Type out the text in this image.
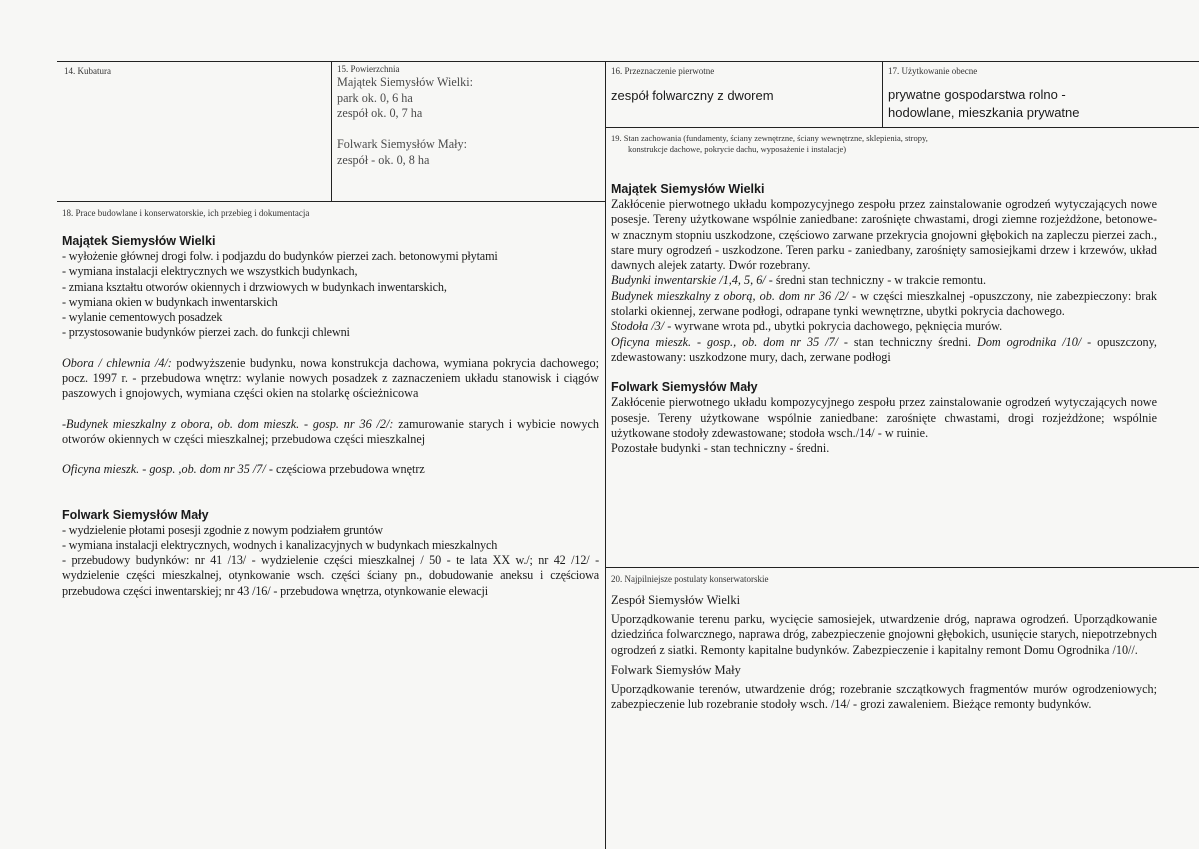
14. Kubatura	15. Powierzchnia
Majątek Siemysłów Wielki:
park ok. 0, 6 ha
zespół ok. 0, 7 ha
Folwark Siemysłów Mały:
zespół - ok. 0, 8 ha
16. Przeznaczenie pierwotne
zespół folwarczny z dworem
17. Użytkowanie obecne
prywatne gospodarstwa rolno -
hodowlane, mieszkania prywatne
18. Prace budowlane i konserwatorskie, ich przebieg i dokumentacja
Majątek Siemysłów Wielki
- wyłożenie głównej drogi folw. i podjazdu do budynków pierzei zach. betonowymi płytami
- wymiana instalacji elektrycznych we wszystkich budynkach,
- zmiana kształtu otworów okiennych i drzwiowych w budynkach inwentarskich,
- wymiana okien w budynkach inwentarskich
- wylanie cementowych posadzek
- przystosowanie budynków pierzei zach. do funkcji chlewni

Obora / chlewnia /4/: podwyższenie budynku, nowa konstrukcja dachowa, wymiana pokrycia dachowego; pocz. 1997 r. - przebudowa wnętrz: wylanie nowych posadzek z zaznaczeniem układu stanowisk i ciągów paszowych i gnojowych, wymiana części okien na stolarkę ościeżnicowa

-Budynek mieszkalny z obora, ob. dom mieszk. - gosp. nr 36 /2/: zamurowanie starych i wybicie nowych otworów okiennych w części mieszkalnej; przebudowa części mieszkalnej

Oficyna mieszk. - gosp. ,ob. dom nr 35 /7/ - częściowa przebudowa wnętrz

Folwark Siemysłów Mały
- wydzielenie płotami posesji zgodnie z nowym podziałem gruntów
- wymiana instalacji elektrycznych, wodnych i kanalizacyjnych w budynkach mieszkalnych

- przebudowy budynków: nr 41 /13/ - wydzielenie części mieszkalnej / 50 - te lata XX w./; nr 42 /12/ - wydzielenie części mieszkalnej, otynkowanie wsch. części ściany pn., dobudowanie aneksu i częściowa przebudowa części inwentarskiej; nr 43 /16/ - przebudowa wnętrza, otynkowanie elewacji

19. Stan zachowania (fundamenty, ściany zewnętrzne, ściany wewnętrzne, sklepienia, stropy,
konstrukcje dachowe, pokrycie dachu, wyposażenie i instalacje)
Majątek Siemysłów Wielki

Zakłócenie pierwotnego układu kompozycyjnego zespołu przez zainstalowanie ogrodzeń wytyczających nowe posesje. Tereny użytkowane wspólnie zaniedbane: zarośnięte chwastami, drogi ziemne rozjeżdżone, betonowe- w znacznym stopniu uszkodzone, częściowo zarwane przekrycia gnojowni głębokich na zapleczu pierzei zach., stare mury ogrodzeń - uszkodzone. Teren parku - zaniedbany, zarośnięty samosiejkami drzew i krzewów, układ dawnych alejek zatarty. Dwór rozebrany.

Budynki inwentarskie /1,4, 5, 6/ - średni stan techniczny - w trakcie remontu.

Budynek mieszkalny z oborą, ob. dom nr 36 /2/ - w części mieszkalnej -opuszczony, nie zabezpieczony: brak stolarki okiennej, zerwane podłogi, odrapane tynki wewnętrzne, ubytki pokrycia dachowego.

Stodoła /3/ - wyrwane wrota pd., ubytki pokrycia dachowego, pęknięcia murów.

Oficyna mieszk. - gosp., ob. dom nr 35 /7/ - stan techniczny średni. Dom ogrodnika /10/ - opuszczony, zdewastowany: uszkodzone mury, dach, zerwane podłogi

Folwark Siemysłów Mały

Zakłócenie pierwotnego układu kompozycyjnego zespołu przez zainstalowanie ogrodzeń wytyczających nowe posesje. Tereny użytkowane wspólnie zaniedbane: zarośnięte chwastami, drogi rozjeżdżone; wspólnie użytkowane stodoły zdewastowane; stodoła wsch./14/ - w ruinie.

Pozostałe budynki - stan techniczny - średni.

20. Najpilniejsze postulaty konserwatorskie
Zespół Siemysłów Wielki

Uporządkowanie terenu parku, wycięcie samosiejek, utwardzenie dróg, naprawa ogrodzeń. Uporządkowanie dziedzińca folwarcznego, naprawa dróg, zabezpieczenie gnojowni głębokich, usunięcie starych, niepotrzebnych ogrodzeń z siatki. Remonty kapitalne budynków. Zabezpieczenie i kapitalny remont Domu Ogrodnika /10//.

Folwark Siemysłów Mały

Uporządkowanie terenów, utwardzenie dróg; rozebranie szczątkowych fragmentów murów ogrodzeniowych; zabezpieczenie lub rozebranie stodoły wsch. /14/ - grozi zawaleniem. Bieżące remonty budynków.
